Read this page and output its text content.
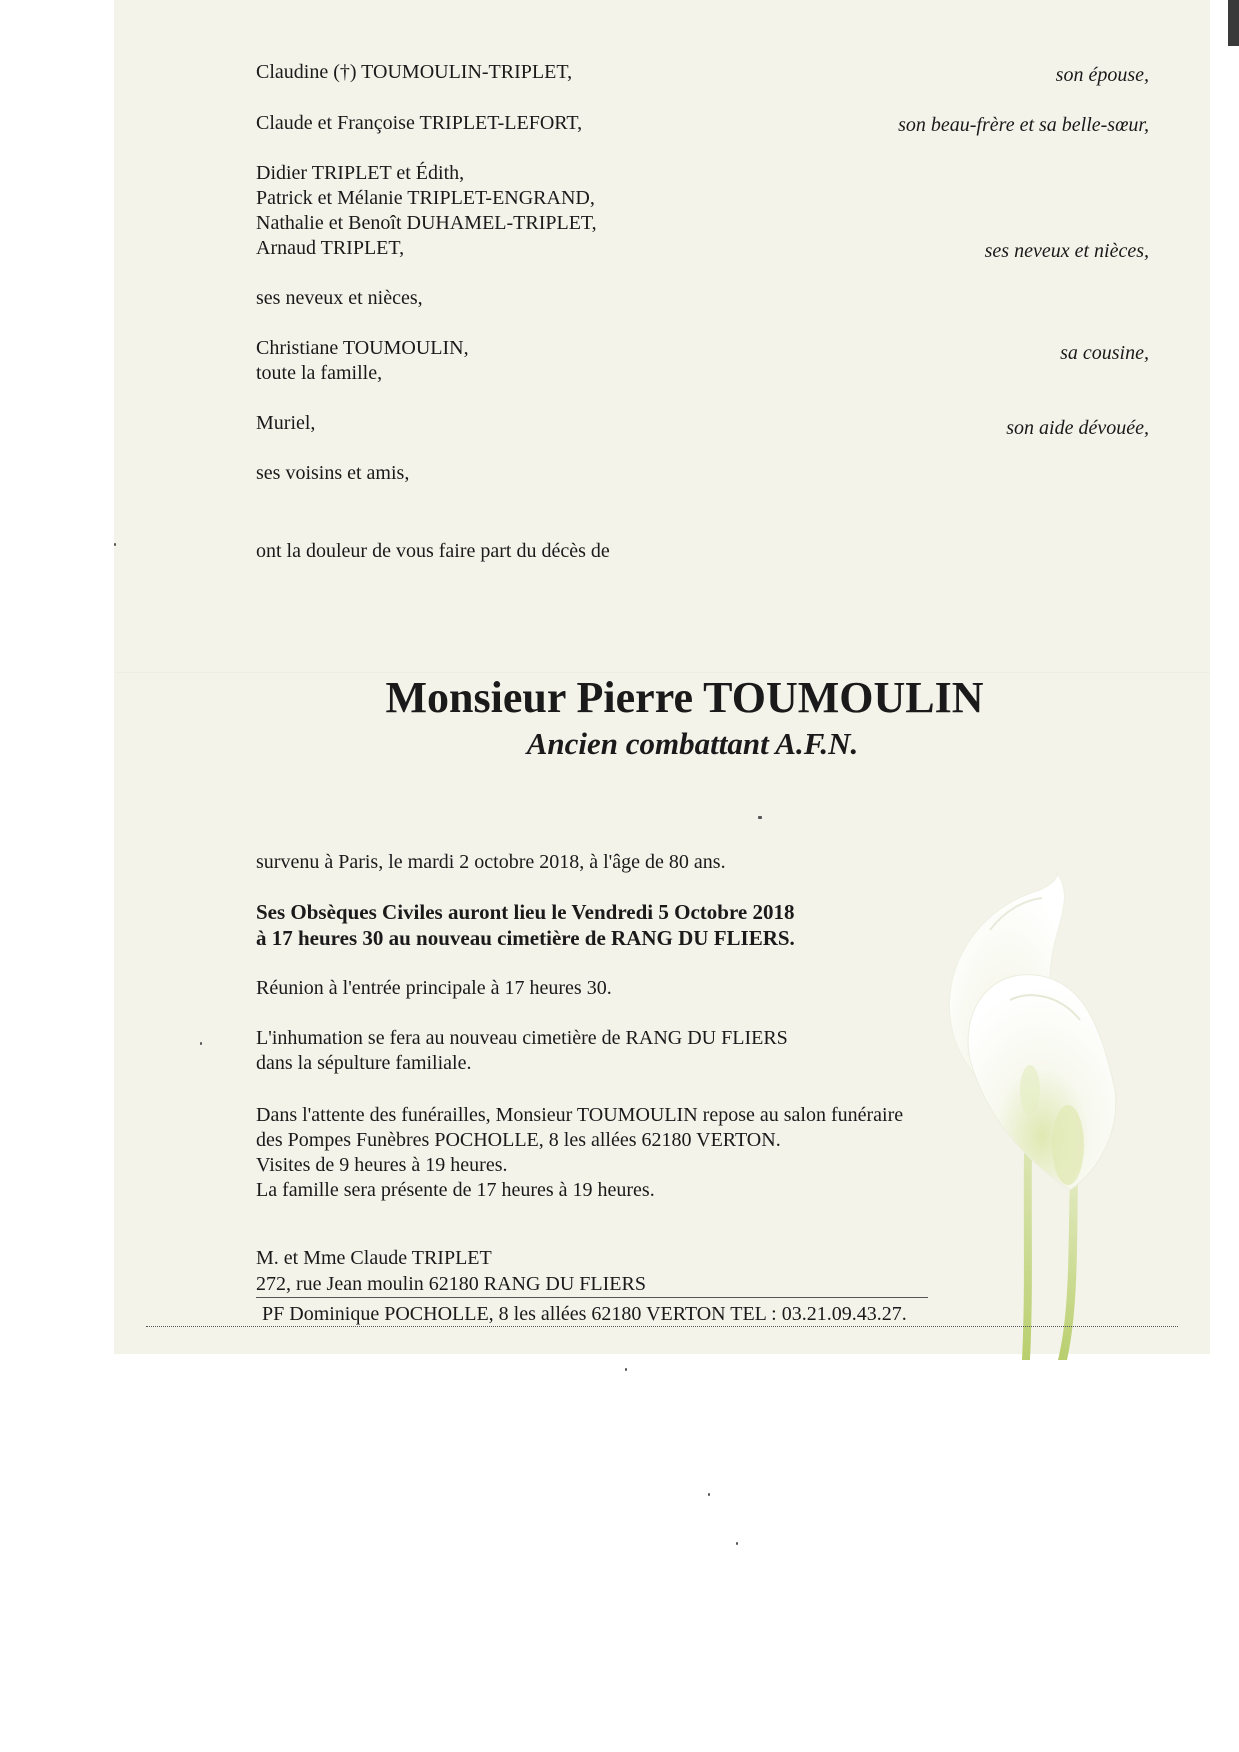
Claudine (†) TOUMOULIN-TRIPLET,
Claude et Françoise TRIPLET-LEFORT,
Didier TRIPLET et Édith,
Patrick et Mélanie TRIPLET-ENGRAND,
Nathalie et Benoît DUHAMEL-TRIPLET,
Arnaud TRIPLET,
ses neveux et nièces,
Christiane TOUMOULIN,
toute la famille,
Muriel,
ses voisins et amis,
son épouse,
son beau-frère et sa belle-sœur,
ses neveux et nièces,
sa cousine,
son aide dévouée,
ont la douleur de vous faire part du décès de
Monsieur Pierre TOUMOULIN
Ancien combattant A.F.N.
survenu à Paris, le mardi 2 octobre 2018, à l'âge de 80 ans.
Ses Obsèques Civiles auront lieu le Vendredi 5 Octobre 2018
à 17 heures 30 au nouveau cimetière de RANG DU FLIERS.
Réunion à l'entrée principale à 17 heures 30.
L'inhumation se fera au nouveau cimetière de RANG DU FLIERS
dans la sépulture familiale.
Dans l'attente des funérailles, Monsieur TOUMOULIN repose au salon funéraire
des Pompes Funèbres POCHOLLE, 8 les allées 62180 VERTON.
Visites de 9 heures à 19 heures.
La famille sera présente de 17 heures à 19 heures.
M. et Mme Claude TRIPLET
272, rue Jean moulin 62180 RANG DU FLIERS
PF Dominique POCHOLLE, 8 les allées 62180 VERTON TEL : 03.21.09.43.27.
